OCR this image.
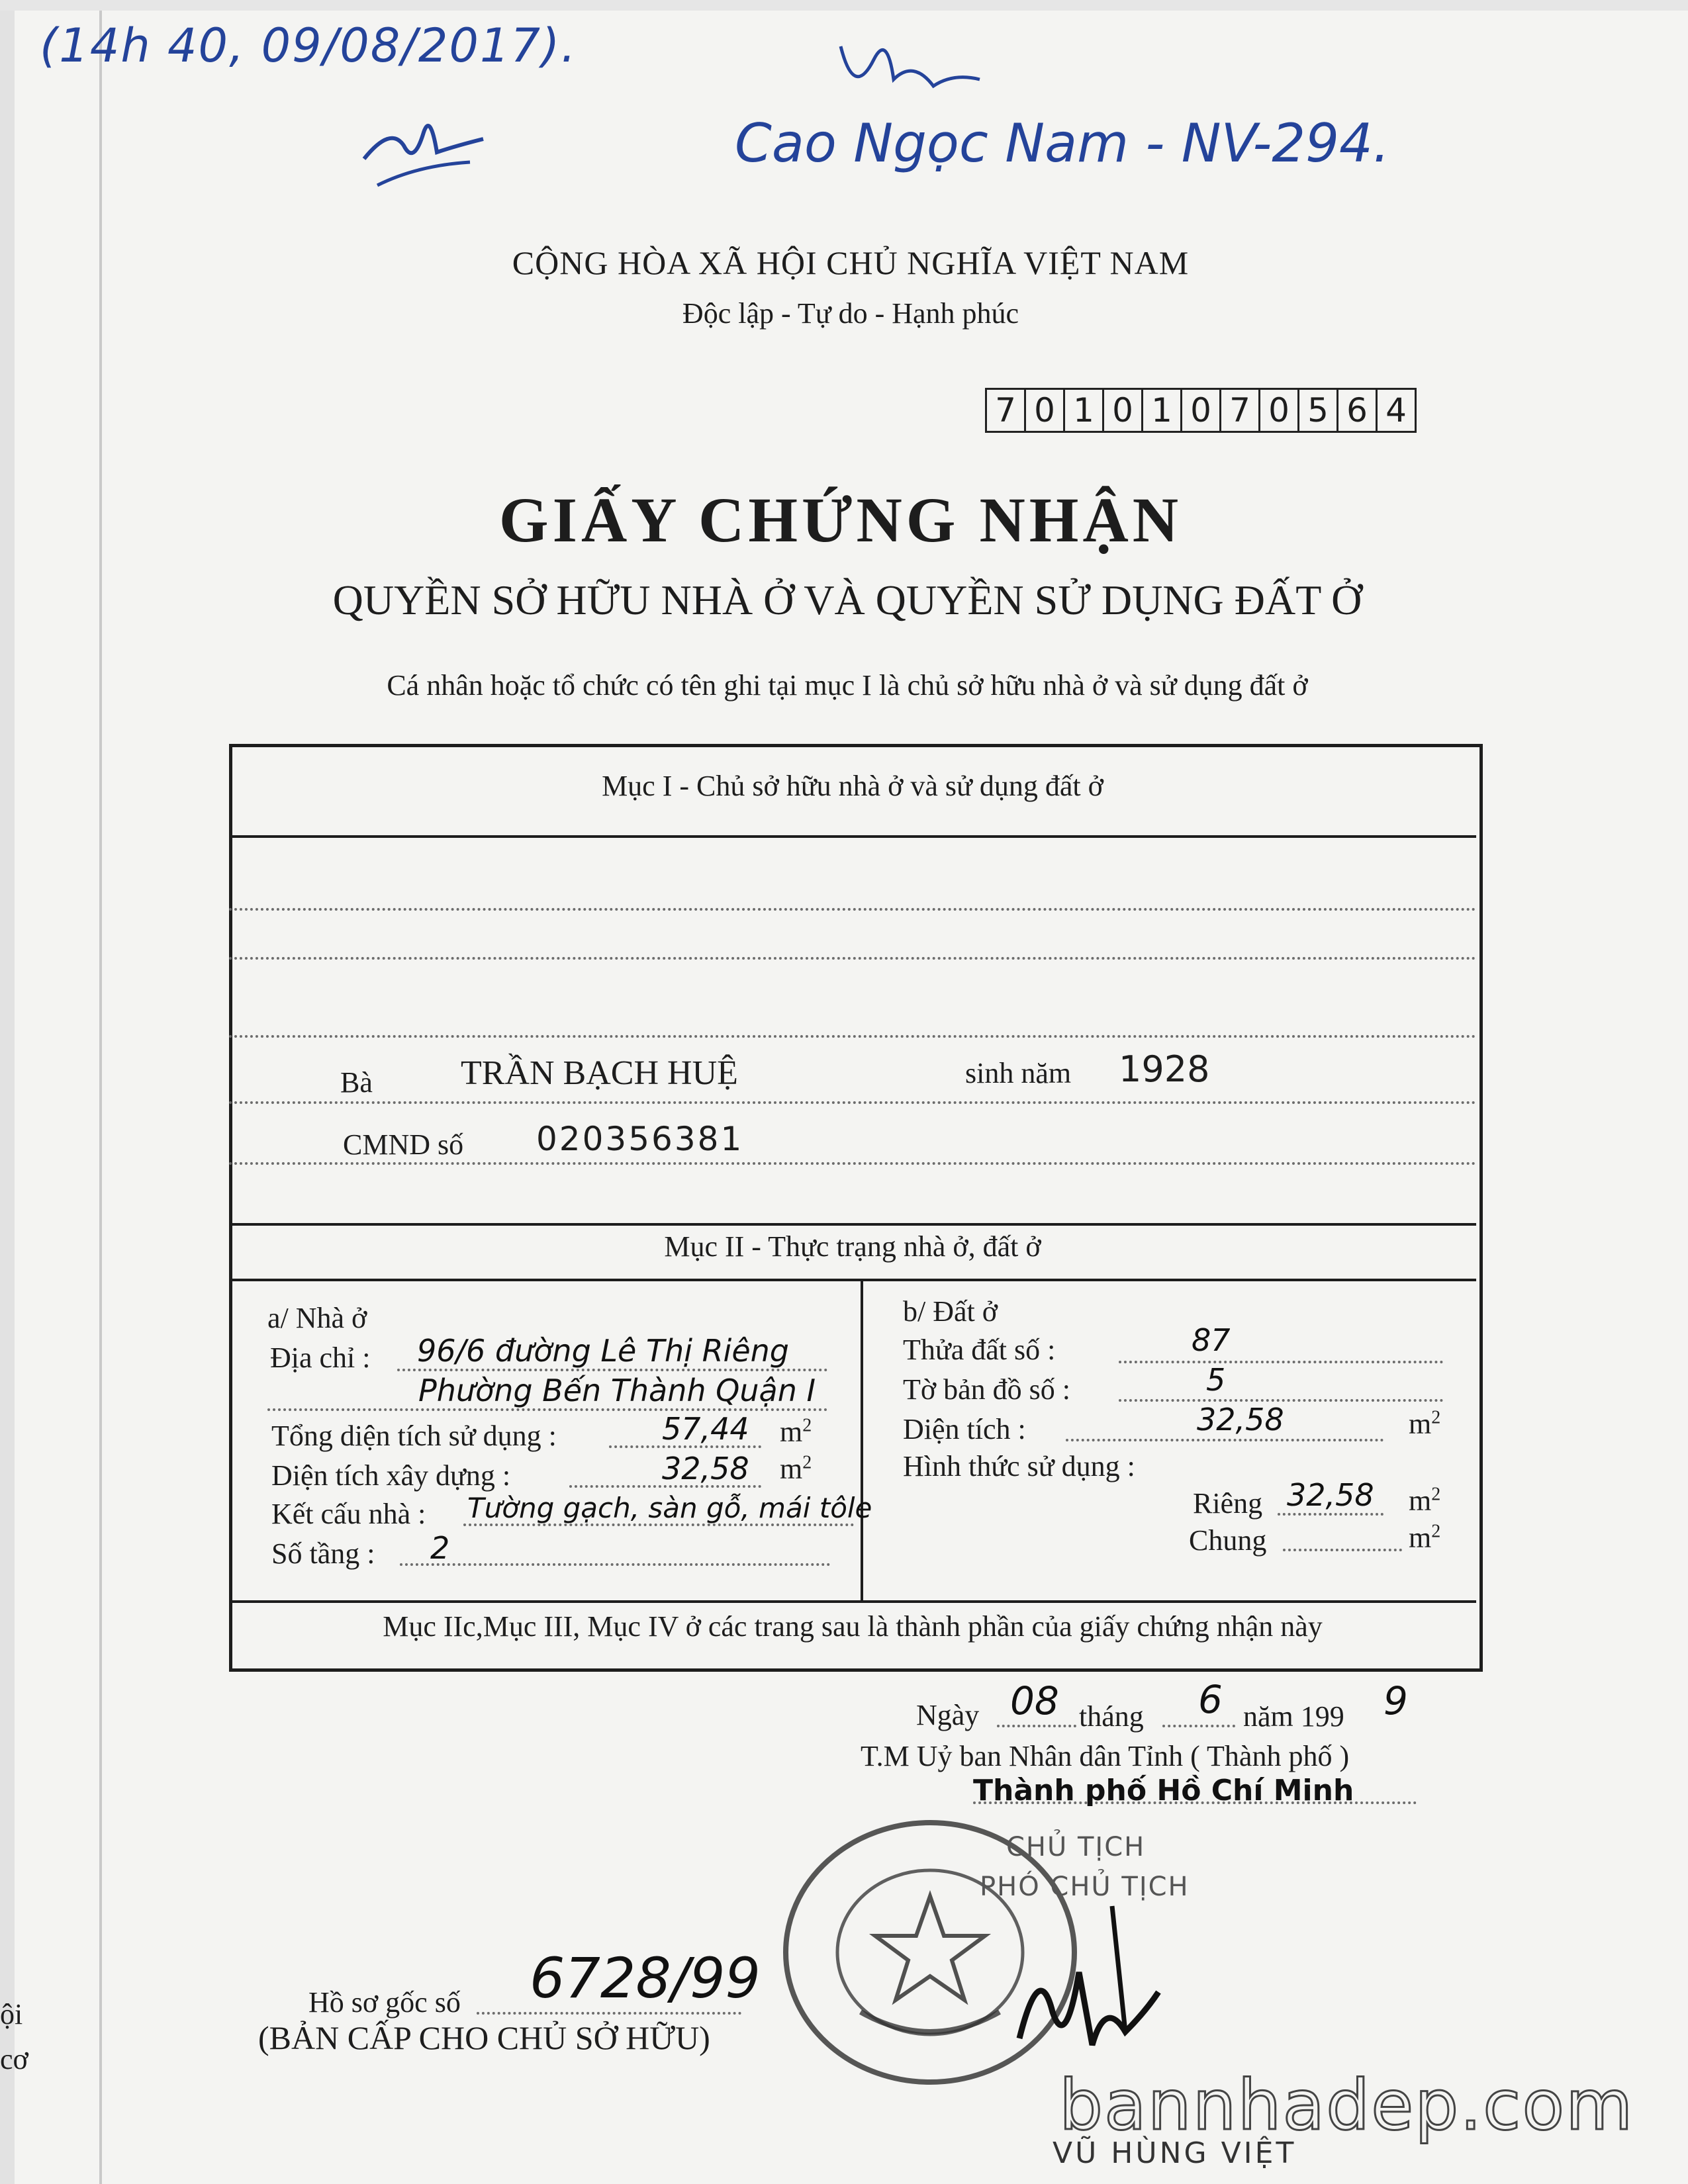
(14h 40, 09/08/2017).
Cao Ngọc Nam - NV-294.
CỘNG HÒA XÃ HỘI CHỦ NGHĨA VIỆT NAM
Độc lập - Tự do - Hạnh phúc
7 0 1 0 1 0 7 0 5 6 4
GIẤY CHỨNG NHẬN
QUYỀN SỞ HỮU NHÀ Ở VÀ QUYỀN SỬ DỤNG ĐẤT Ở
Cá nhân hoặc tổ chức có tên ghi tại mục I là chủ sở hữu nhà ở và sử dụng đất ở
Mục I - Chủ sở hữu nhà ở và sử dụng đất ở
Bà	TRẦN BẠCH HUỆ	sinh năm 1928
CMND số 020356381
Mục II - Thực trạng nhà ở, đất ở
a/ Nhà ở
Địa chỉ : 96/6 đường Lê Thị Riêng
Phường Bến Thành Quận I
Tổng diện tích sử dụng :	57,44 $m^2$
Diện tích xây dựng :	32,58 $m^2$
Kết cấu nhà : Tường gạch, sàn gỗ, mái tôle
Số tầng : 2
b/ Đất ở
Thửa đất số :	87
Tờ bản đồ số :	5
Diện tích :	32,58	$m^2$
Hình thức sử dụng :
Riêng 32,58 $m^2$
Chung	$m^2$
Mục IIc,Mục III, Mục IV ở các trang sau là thành phần của giấy chứng nhận này
Ngày 08 tháng 6 năm 199 9
T.M Uỷ ban Nhân dân Tỉnh ( Thành phố )
Thành phố Hồ Chí Minh
CHỦ TỊCH
PHÓ CHỦ TỊCH
VŨ HÙNG VIỆT
Hồ sơ gốc số 6728/99
(BẢN CẤP CHO CHỦ SỞ HỮU)
ội
cơ
bannhadep.com
